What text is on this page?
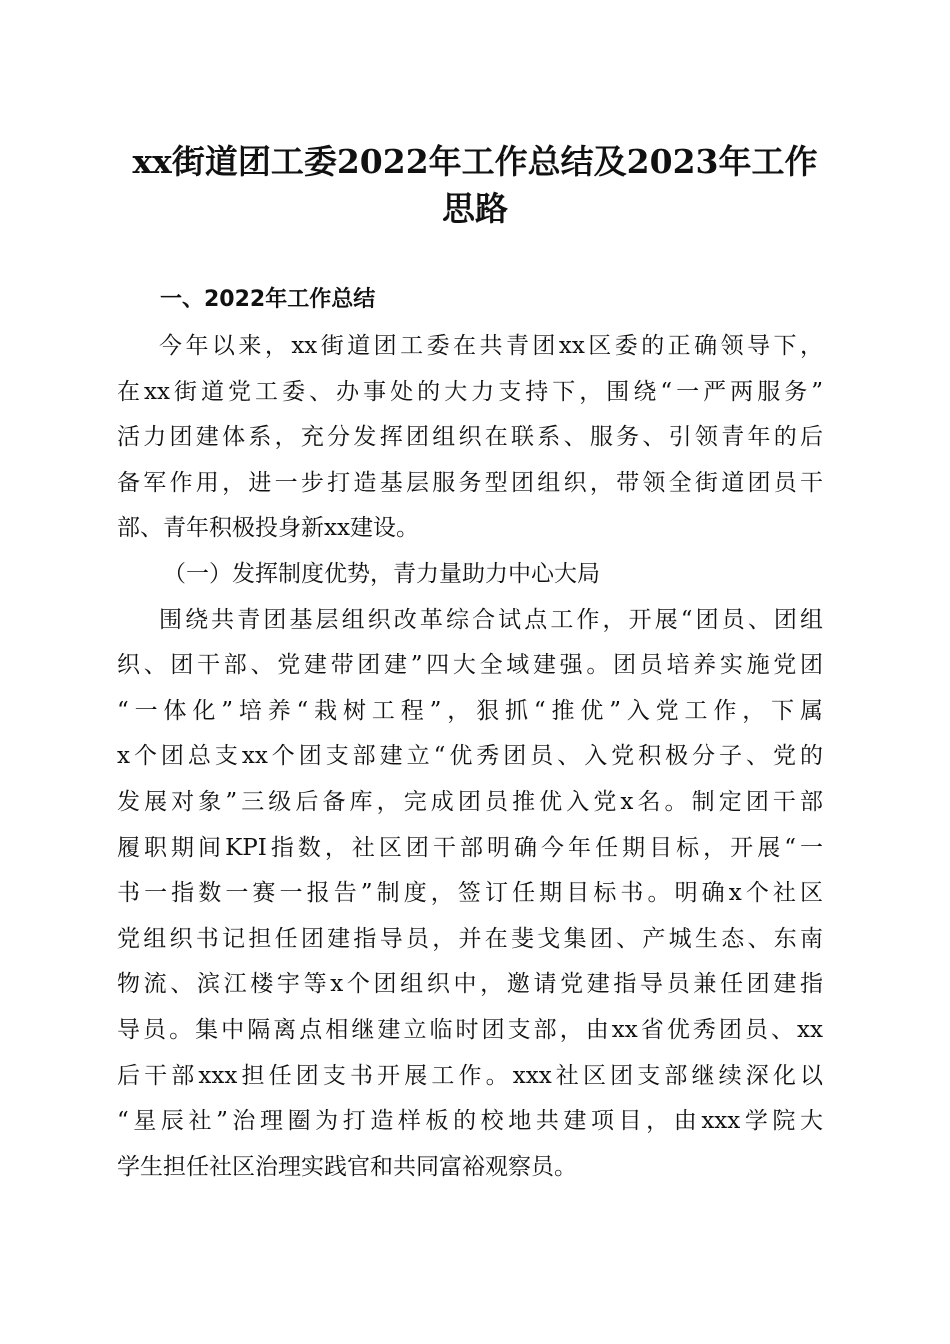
xx街道团工委2022年工作总结及2023年工作
思路
一、2022年工作总结
今年以来，xx街道团工委在共青团xx区委的正确领导下，
在xx街道党工委、办事处的大力支持下，围绕“一严两服务”
活力团建体系，充分发挥团组织在联系、服务、引领青年的后
备军作用，进一步打造基层服务型团组织，带领全街道团员干
部、青年积极投身新xx建设。
（一）发挥制度优势，青力量助力中心大局
围绕共青团基层组织改革综合试点工作，开展“团员、团组
织、团干部、党建带团建”四大全域建强。团员培养实施党团
“一体化”培养“栽树工程”，狠抓“推优”入党工作，下属
x个团总支xx个团支部建立“优秀团员、入党积极分子、党的
发展对象”三级后备库，完成团员推优入党x名。制定团干部
履职期间KPI指数，社区团干部明确今年任期目标，开展“一
书一指数一赛一报告”制度，签订任期目标书。明确x个社区
党组织书记担任团建指导员，并在斐戈集团、产城生态、东南
物流、滨江楼宇等x个团组织中，邀请党建指导员兼任团建指
导员。集中隔离点相继建立临时团支部，由xx省优秀团员、xx
后干部xxx担任团支书开展工作。xxx社区团支部继续深化以
“星辰社”治理圈为打造样板的校地共建项目，由xxx学院大
学生担任社区治理实践官和共同富裕观察员。
